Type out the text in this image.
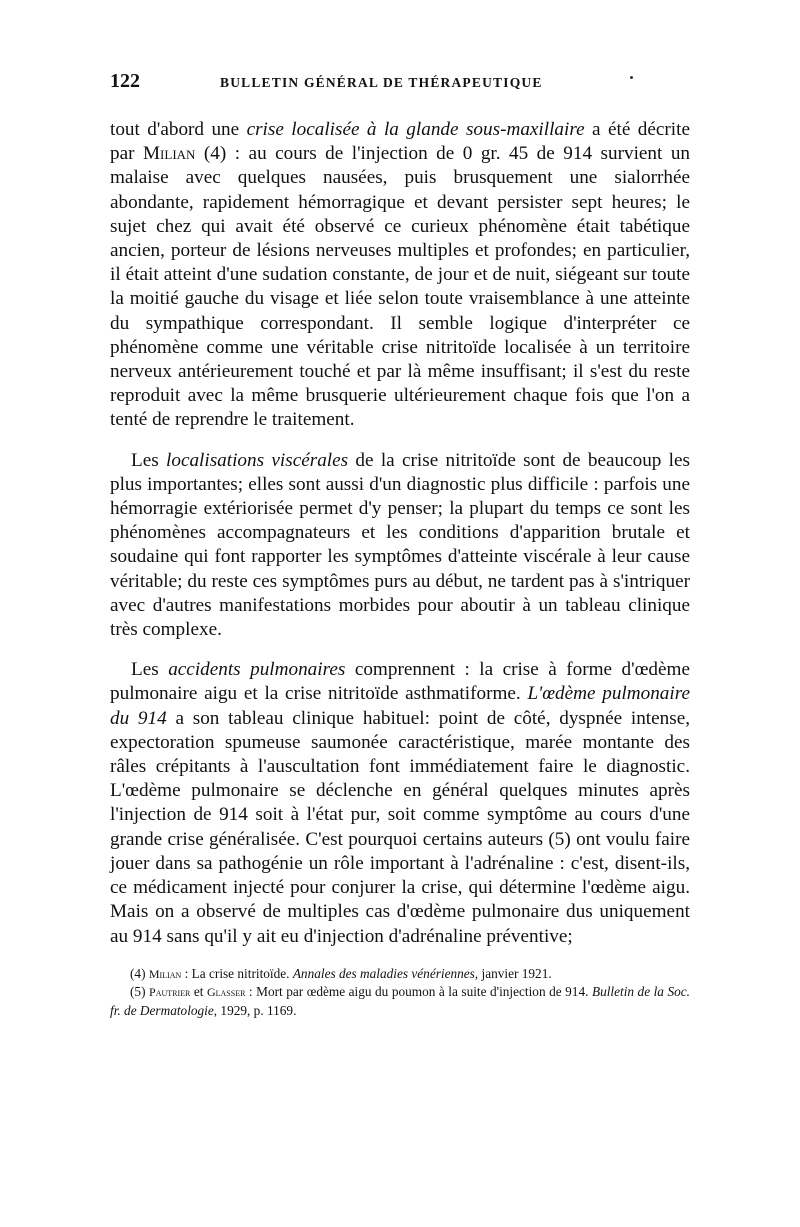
122	BULLETIN GÉNÉRAL DE THÉRAPEUTIQUE

tout d'abord une crise localisée à la glande sous-maxillaire a été décrite par Milian (4) : au cours de l'injection de 0 gr. 45 de 914 survient un malaise avec quelques nausées, puis brusquement une sialorrhée abondante, rapidement hémorragique et devant persister sept heures; le sujet chez qui avait été observé ce curieux phénomène était tabétique ancien, porteur de lésions nerveuses multiples et profondes; en particulier, il était atteint d'une sudation constante, de jour et de nuit, siégeant sur toute la moitié gauche du visage et liée selon toute vraisemblance à une atteinte du sympathique correspondant. Il semble logique d'interpréter ce phénomène comme une véritable crise nitritoïde localisée à un territoire nerveux antérieurement touché et par là même insuffisant; il s'est du reste reproduit avec la même brusquerie ultérieurement chaque fois que l'on a tenté de reprendre le traitement.

Les localisations viscérales de la crise nitritoïde sont de beaucoup les plus importantes; elles sont aussi d'un diagnostic plus difficile : parfois une hémorragie extériorisée permet d'y penser; la plupart du temps ce sont les phénomènes accompagnateurs et les conditions d'apparition brutale et soudaine qui font rapporter les symptômes d'atteinte viscérale à leur cause véritable; du reste ces symptômes purs au début, ne tardent pas à s'intriquer avec d'autres manifestations morbides pour aboutir à un tableau clinique très complexe.

Les accidents pulmonaires comprennent : la crise à forme d'œdème pulmonaire aigu et la crise nitritoïde asthmatiforme. L'œdème pulmonaire du 914 a son tableau clinique habituel: point de côté, dyspnée intense, expectoration spumeuse saumonée caractéristique, marée montante des râles crépitants à l'auscultation font immédiatement faire le diagnostic. L'œdème pulmonaire se déclenche en général quelques minutes après l'injection de 914 soit à l'état pur, soit comme symptôme au cours d'une grande crise généralisée. C'est pourquoi certains auteurs (5) ont voulu faire jouer dans sa pathogénie un rôle important à l'adrénaline : c'est, disent-ils, ce médicament injecté pour conjurer la crise, qui détermine l'œdème aigu. Mais on a observé de multiples cas d'œdème pulmonaire dus uniquement au 914 sans qu'il y ait eu d'injection d'adrénaline préventive;

(4) Milian : La crise nitritoïde. Annales des maladies vénériennes, janvier 1921.

(5) Pautrier et Glasser : Mort par œdème aigu du poumon à la suite d'injection de 914. Bulletin de la Soc. fr. de Dermatologie, 1929, p. 1169.
